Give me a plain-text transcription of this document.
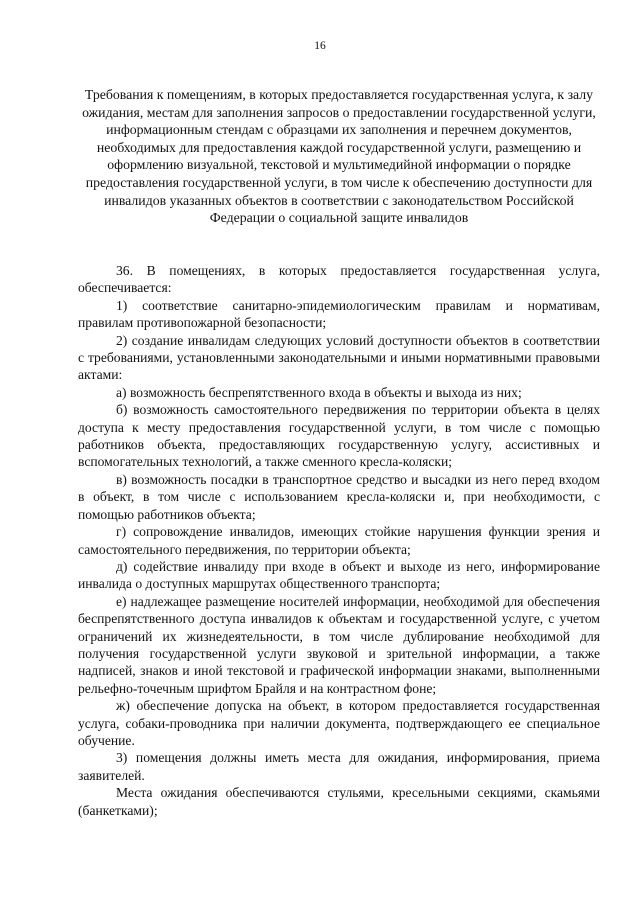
16
Требования к помещениям, в которых предоставляется государственная услуга, к залу ожидания, местам для заполнения запросов о предоставлении государственной услуги, информационным стендам с образцами их заполнения и перечнем документов, необходимых для предоставления каждой государственной услуги, размещению и оформлению визуальной, текстовой и мультимедийной информации о порядке предоставления государственной услуги, в том числе к обеспечению доступности для инвалидов указанных объектов в соответствии с законодательством Российской Федерации о социальной защите инвалидов

36. В помещениях, в которых предоставляется государственная услуга, обеспечивается:

1) соответствие санитарно-эпидемиологическим правилам и нормативам, правилам противопожарной безопасности;

2) создание инвалидам следующих условий доступности объектов в соответствии с требованиями, установленными законодательными и иными нормативными правовыми актами:

а) возможность беспрепятственного входа в объекты и выхода из них;

б) возможность самостоятельного передвижения по территории объекта в целях доступа к месту предоставления государственной услуги, в том числе с помощью работников объекта, предоставляющих государственную услугу, ассистивных и вспомогательных технологий, а также сменного кресла-коляски;

в) возможность посадки в транспортное средство и высадки из него перед входом в объект, в том числе с использованием кресла-коляски и, при необходимости, с помощью работников объекта;

г) сопровождение инвалидов, имеющих стойкие нарушения функции зрения и самостоятельного передвижения, по территории объекта;

д) содействие инвалиду при входе в объект и выходе из него, информирование инвалида о доступных маршрутах общественного транспорта;

е) надлежащее размещение носителей информации, необходимой для обеспечения беспрепятственного доступа инвалидов к объектам и государственной услуге, с учетом ограничений их жизнедеятельности, в том числе дублирование необходимой для получения государственной услуги звуковой и зрительной информации, а также надписей, знаков и иной текстовой и графической информации знаками, выполненными рельефно-точечным шрифтом Брайля и на контрастном фоне;

ж) обеспечение допуска на объект, в котором предоставляется государственная услуга, собаки-проводника при наличии документа, подтверждающего ее специальное обучение.

3) помещения должны иметь места для ожидания, информирования, приема заявителей.

Места ожидания обеспечиваются стульями, кресельными секциями, скамьями (банкетками);
